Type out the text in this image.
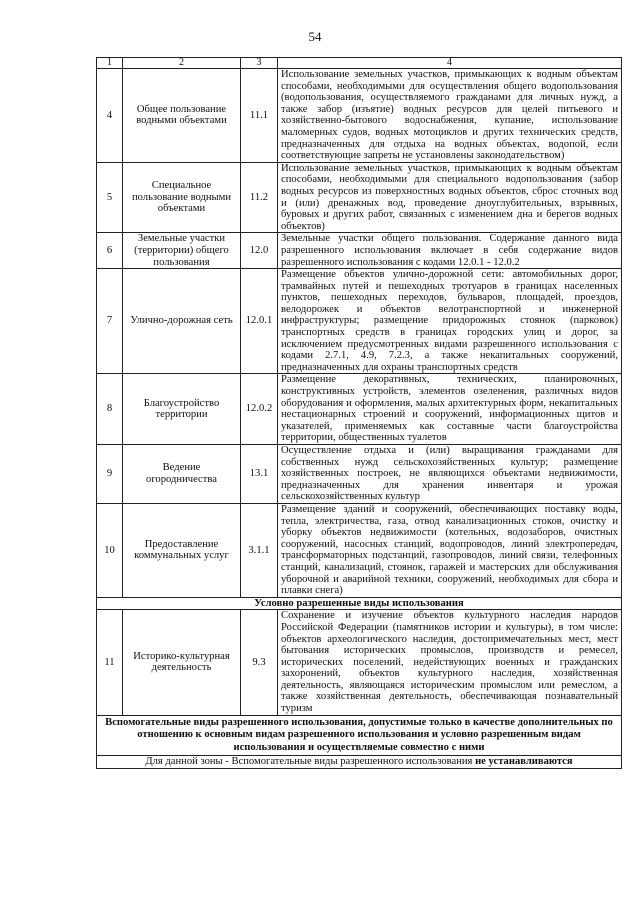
54
1	2	3	4
4	Общее пользование водными объектами	11.1	Использование земельных участков, примыкающих к водным объектам способами, необходимыми для осуществления общего водопользования (водопользования, осуществляемого гражданами для личных нужд, а также забор (изъятие) водных ресурсов для целей питьевого и хозяйственно-бытового водоснабжения, купание, использование маломерных судов, водных мотоциклов и других технических средств, предназначенных для отдыха на водных объектах, водопой, если соответствующие запреты не установлены законодательством)
5	Специальное пользование водными объектами	11.2	Использование земельных участков, примыкающих к водным объектам способами, необходимыми для специального водопользования (забор водных ресурсов из поверхностных водных объектов, сброс сточных вод и (или) дренажных вод, проведение дноуглубительных, взрывных, буровых и других работ, связанных с изменением дна и берегов водных объектов)
6	Земельные участки (территории) общего пользования	12.0	Земельные участки общего пользования. Содержание данного вида разрешенного использования включает в себя содержание видов разрешенного использования с кодами 12.0.1 - 12.0.2
7	Улично-дорожная сеть	12.0.1	Размещение объектов улично-дорожной сети: автомобильных дорог, трамвайных путей и пешеходных тротуаров в границах населенных пунктов, пешеходных переходов, бульваров, площадей, проездов, велодорожек и объектов велотранспортной и инженерной инфраструктуры; размещение придорожных стоянок (парковок) транспортных средств в границах городских улиц и дорог, за исключением предусмотренных видами разрешенного использования с кодами 2.7.1, 4.9, 7.2.3, а также некапитальных сооружений, предназначенных для охраны транспортных средств
8	Благоустройство территории	12.0.2	Размещение декоративных, технических, планировочных, конструктивных устройств, элементов озеленения, различных видов оборудования и оформления, малых архитектурных форм, некапитальных нестационарных строений и сооружений, информационных щитов и указателей, применяемых как составные части благоустройства территории, общественных туалетов
9	Ведение огородничества	13.1	Осуществление отдыха и (или) выращивания гражданами для собственных нужд сельскохозяйственных культур; размещение хозяйственных построек, не являющихся объектами недвижимости, предназначенных для хранения инвентаря и урожая сельскохозяйственных культур
10	Предоставление коммунальных услуг	3.1.1	Размещение зданий и сооружений, обеспечивающих поставку воды, тепла, электричества, газа, отвод канализационных стоков, очистку и уборку объектов недвижимости (котельных, водозаборов, очистных сооружений, насосных станций, водопроводов, линий электропередач, трансформаторных подстанций, газопроводов, линий связи, телефонных станций, канализаций, стоянок, гаражей и мастерских для обслуживания уборочной и аварийной техники, сооружений, необходимых для сбора и плавки снега)
Условно разрешенные виды использования			
11	Историко-культурная деятельность	9.3	Сохранение и изучение объектов культурного наследия народов Российской Федерации (памятников истории и культуры), в том числе: объектов археологического наследия, достопримечательных мест, мест бытования исторических промыслов, производств и ремесел, исторических поселений, недействующих военных и гражданских захоронений, объектов культурного наследия, хозяйственная деятельность, являющаяся историческим промыслом или ремеслом, а также хозяйственная деятельность, обеспечивающая познавательный туризм
Вспомогательные виды разрешенного использования, допустимые только в качестве дополнительных по отношению к основным видам разрешенного использования и условно разрешенным видам использования и осуществляемые совместно с ними			
Для данной зоны - Вспомогательные виды разрешенного использования не устанавливаются			
